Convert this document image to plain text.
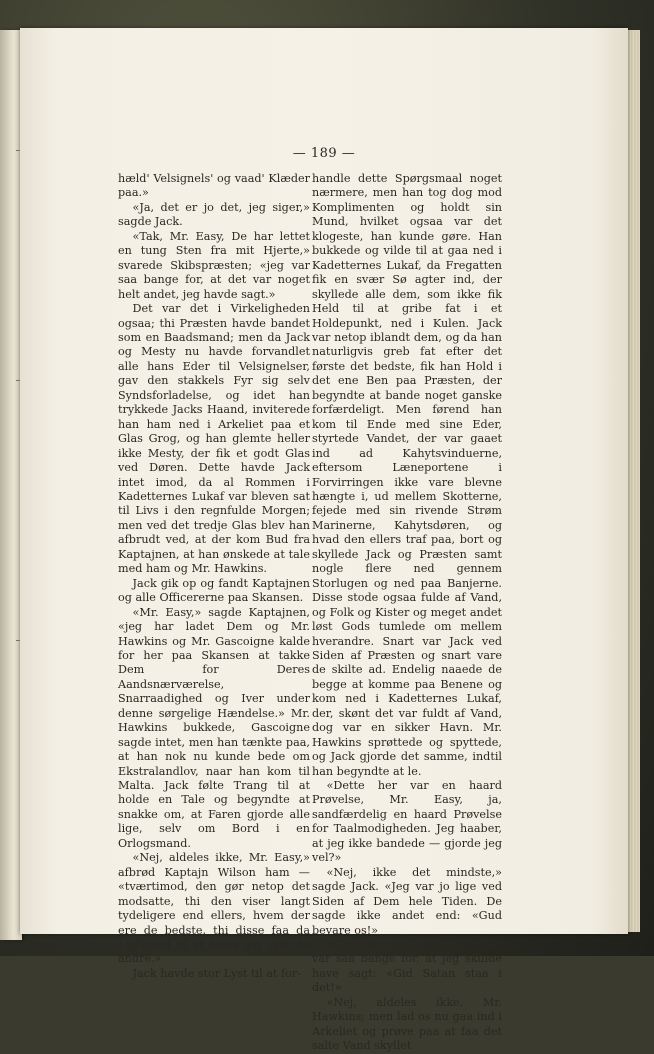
— 189 —

hæld' Velsignels' og vaad' Klæder paa.»

«Ja, det er jo det, jeg siger,» sagde Jack.

«Tak, Mr. Easy, De har lettet en tung Sten fra mit Hjerte,» svarede Skibspræsten; «jeg var saa bange for, at det var noget helt andet, jeg havde sagt.»

Det var det i Virkeligheden ogsaa; thi Præsten havde bandet som en Baadsmand; men da Jack og Mesty nu havde forvandlet alle hans Eder til Velsignelser, gav den stakkels Fyr sig selv Syndsforladelse, og idet han trykkede Jacks Haand, inviterede han ham ned i Arkeliet paa et Glas Grog, og han glemte heller ikke Mesty, der fik et godt Glas ved Døren. Dette havde Jack intet imod, da al Rommen i Kadetternes Lukaf var bleven sat til Livs i den regnfulde Morgen; men ved det tredje Glas blev han afbrudt ved, at der kom Bud fra Kaptajnen, at han ønskede at tale med ham og Mr. Hawkins.

Jack gik op og fandt Kaptajnen og alle Officererne paa Skansen.

«Mr. Easy,» sagde Kaptajnen, «jeg har ladet Dem og Mr. Hawkins og Mr. Gascoigne kalde for her paa Skansen at takke Dem for Deres Aandsnærværelse, Snarraadighed og Iver under denne sørgelige Hændelse.» Mr. Hawkins bukkede, Gascoigne sagde intet, men han tænkte paa, at han nok nu kunde bede om Ekstralandlov, naar han kom til Malta. Jack følte Trang til at holde en Tale og begyndte at snakke om, at Faren gjorde alle lige, selv om Bord i en Orlogsmand.

«Nej, aldeles ikke, Mr. Easy,» afbrød Kaptajn Wilson ham — «tværtimod, den gør netop det modsatte, thi den viser langt tydeligere end ellers, hvem der ere de bedste, thi disse faa da Lejlighed til at hæve sig over de andre.»

Jack havde stor Lyst til at for-

handle dette Spørgsmaal noget nærmere, men han tog dog mod Komplimenten og holdt sin Mund, hvilket ogsaa var det klogeste, han kunde gøre. Han bukkede og vilde til at gaa ned i Kadetternes Lukaf, da Fregatten fik en svær Sø agter ind, der skyllede alle dem, som ikke fik Held til at gribe fat i et Holdepunkt, ned i Kulen. Jack var netop iblandt dem, og da han naturligvis greb fat efter det første det bedste, fik han Hold i det ene Ben paa Præsten, der begyndte at bande noget ganske forfærdeligt. Men førend han kom til Ende med sine Eder, styrtede Vandet, der var gaaet ind ad Kahytsvinduerne, eftersom Læneportene i Forvirringen ikke vare blevne hængte i, ud mellem Skotterne, fejede med sin rivende Strøm Marinerne, Kahytsdøren, og hvad den ellers traf paa, bort og skyllede Jack og Præsten samt nogle flere ned gennem Storlugen og ned paa Banjerne. Disse stode ogsaa fulde af Vand, og Folk og Kister og meget andet løst Gods tumlede om mellem hverandre. Snart var Jack ved Siden af Præsten og snart vare de skilte ad. Endelig naaede de begge at komme paa Benene og kom ned i Kadetternes Lukaf, der, skønt det var fuldt af Vand, dog var en sikker Havn. Mr. Hawkins sprøttede og spyttede, og Jack gjorde det samme, indtil han begyndte at le.

«Dette her var en haard Prøvelse, Mr. Easy, ja, sandfærdelig en haard Prøvelse for Taalmodigheden. Jeg haaber, at jeg ikke bandede — gjorde jeg vel?»

«Nej, ikke det mindste,» sagde Jack. «Jeg var jo lige ved Siden af Dem hele Tiden. De sagde ikke andet end: «Gud bevare os!»

«Gud ske Lov, ikke andet. Jeg var saa bange for, at jeg skulde have sagt: «Gid Satan staa i det!»

«Nej, aldeles ikke, Mr. Hawkins; men lad os nu gaa ind i Arkeliet og prøve paa at faa det salte Vand skyllet
